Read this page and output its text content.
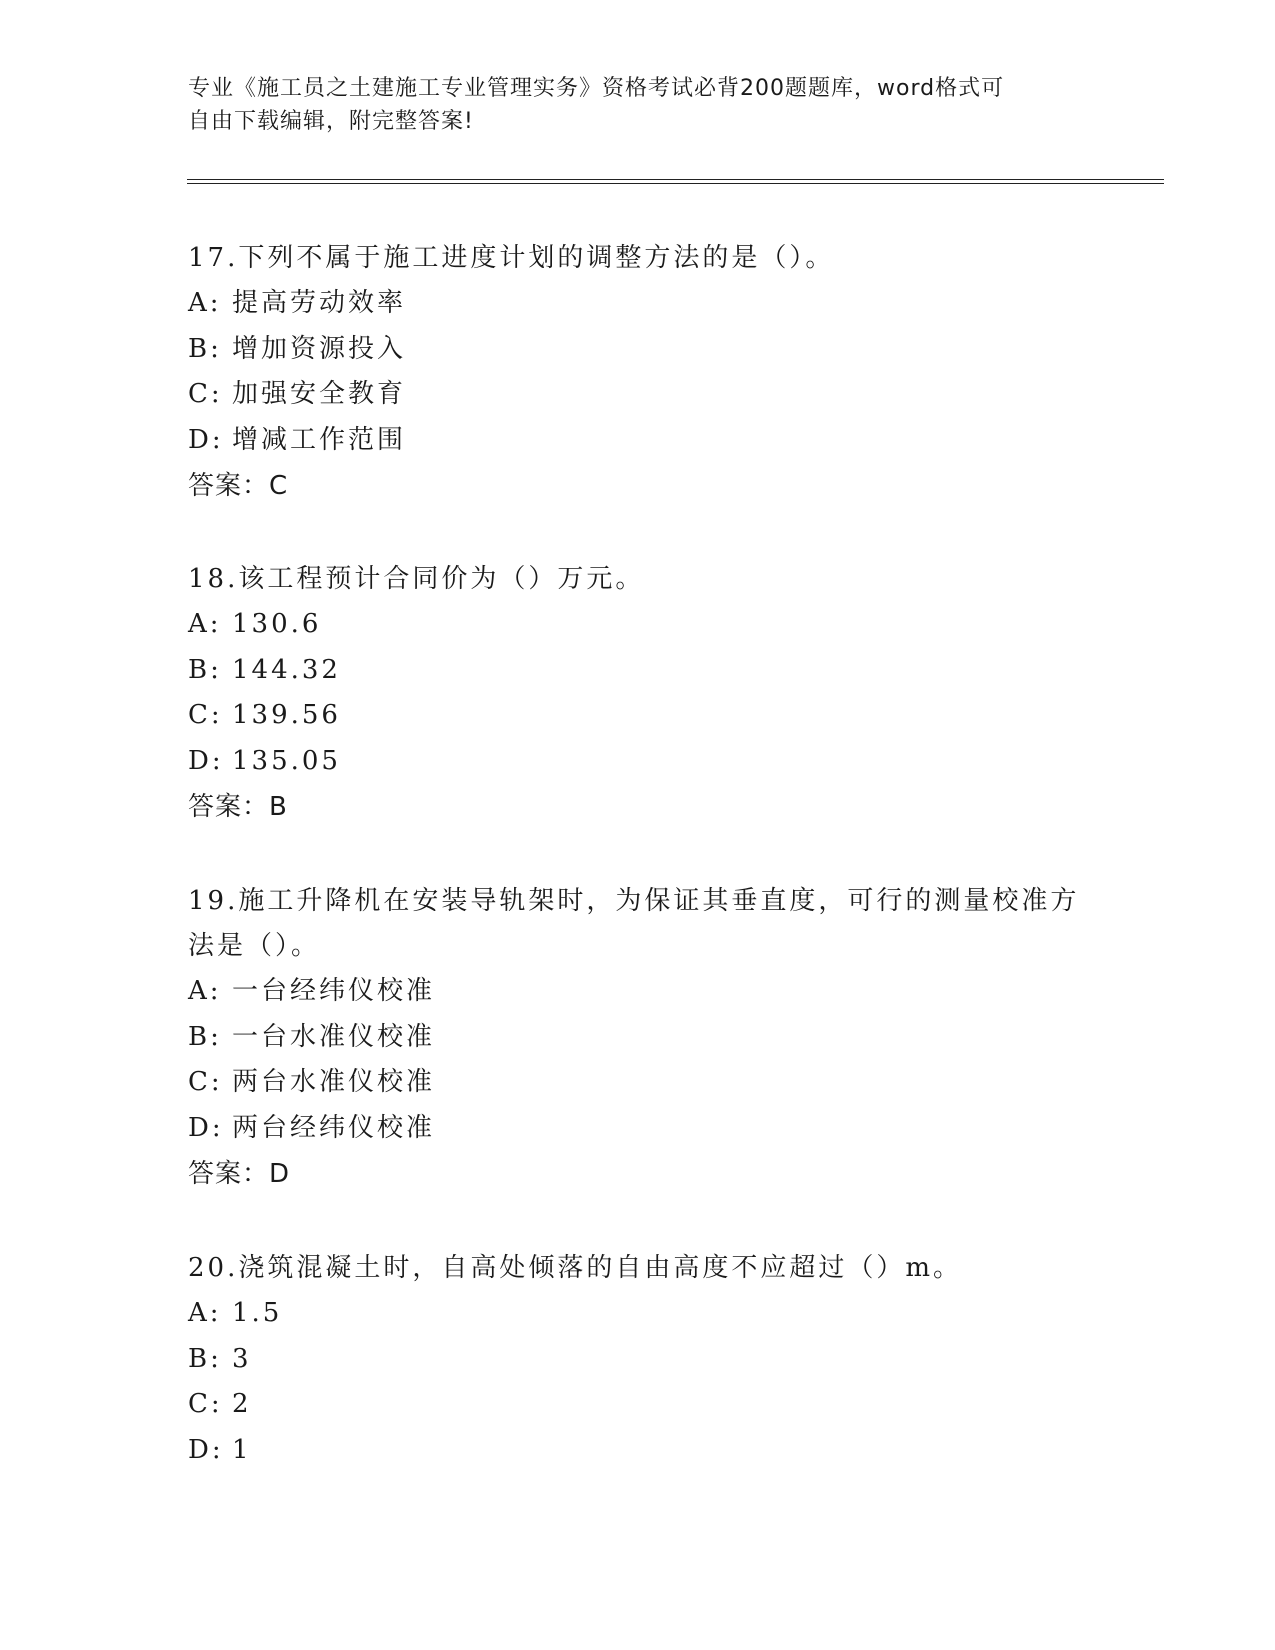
专业《施工员之土建施工专业管理实务》资格考试必背200题题库，word格式可
自由下载编辑，附完整答案!

17.下列不属于施工进度计划的调整方法的是（）。

A: 提高劳动效率

B: 增加资源投入

C: 加强安全教育

D: 增减工作范围

答案：C

18.该工程预计合同价为（）万元。

A: 130.6

B: 144.32

C: 139.56

D: 135.05

答案：B

19.施工升降机在安装导轨架时，为保证其垂直度，可行的测量校准方

法是（）。

A: 一台经纬仪校准

B: 一台水准仪校准

C: 两台水准仪校准

D: 两台经纬仪校准

答案：D

20.浇筑混凝土时，自高处倾落的自由高度不应超过（）m。

A: 1.5

B: 3

C: 2

D: 1
